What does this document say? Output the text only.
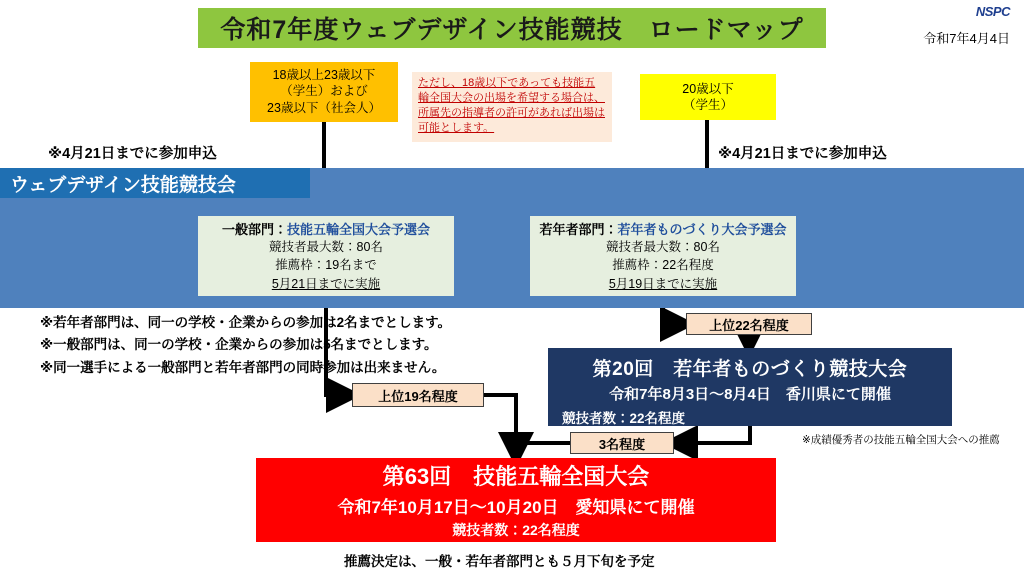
令和7年度ウェブデザイン技能競技　ロードマップ
NSPC
令和7年4月4日
18歳以上23歳以下
（学生）および
23歳以下（社会人）
20歳以下
（学生）
ただし、18歳以下であっても技能五輪全国大会の出場を希望する場合は、所属先の指導者の許可があれば出場は可能とします。
※4月21日までに参加申込	※4月21日までに参加申込
ウェブデザイン技能競技会
一般部門：技能五輪全国大会予選会
競技者最大数：80名
推薦枠：19名まで
5月21日までに実施
若年者部門：若年者ものづくり大会予選会
競技者最大数：80名
推薦枠：22名程度
5月19日までに実施
※若年者部門は、同一の学校・企業からの参加は2名までとします。
※一般部門は、同一の学校・企業からの参加は5名までとします。
※同一選手による一般部門と若年者部門の同時参加は出来ません。
上位22名程度
上位19名程度
3名程度
第20回　若年者ものづくり競技大会
令和7年8月3日〜8月4日　香川県にて開催
競技者数：22名程度
※成績優秀者の技能五輪全国大会への推薦
第63回　技能五輪全国大会
令和7年10月17日〜10月20日　愛知県にて開催
競技者数：22名程度
推薦決定は、一般・若年者部門とも５月下旬を予定
